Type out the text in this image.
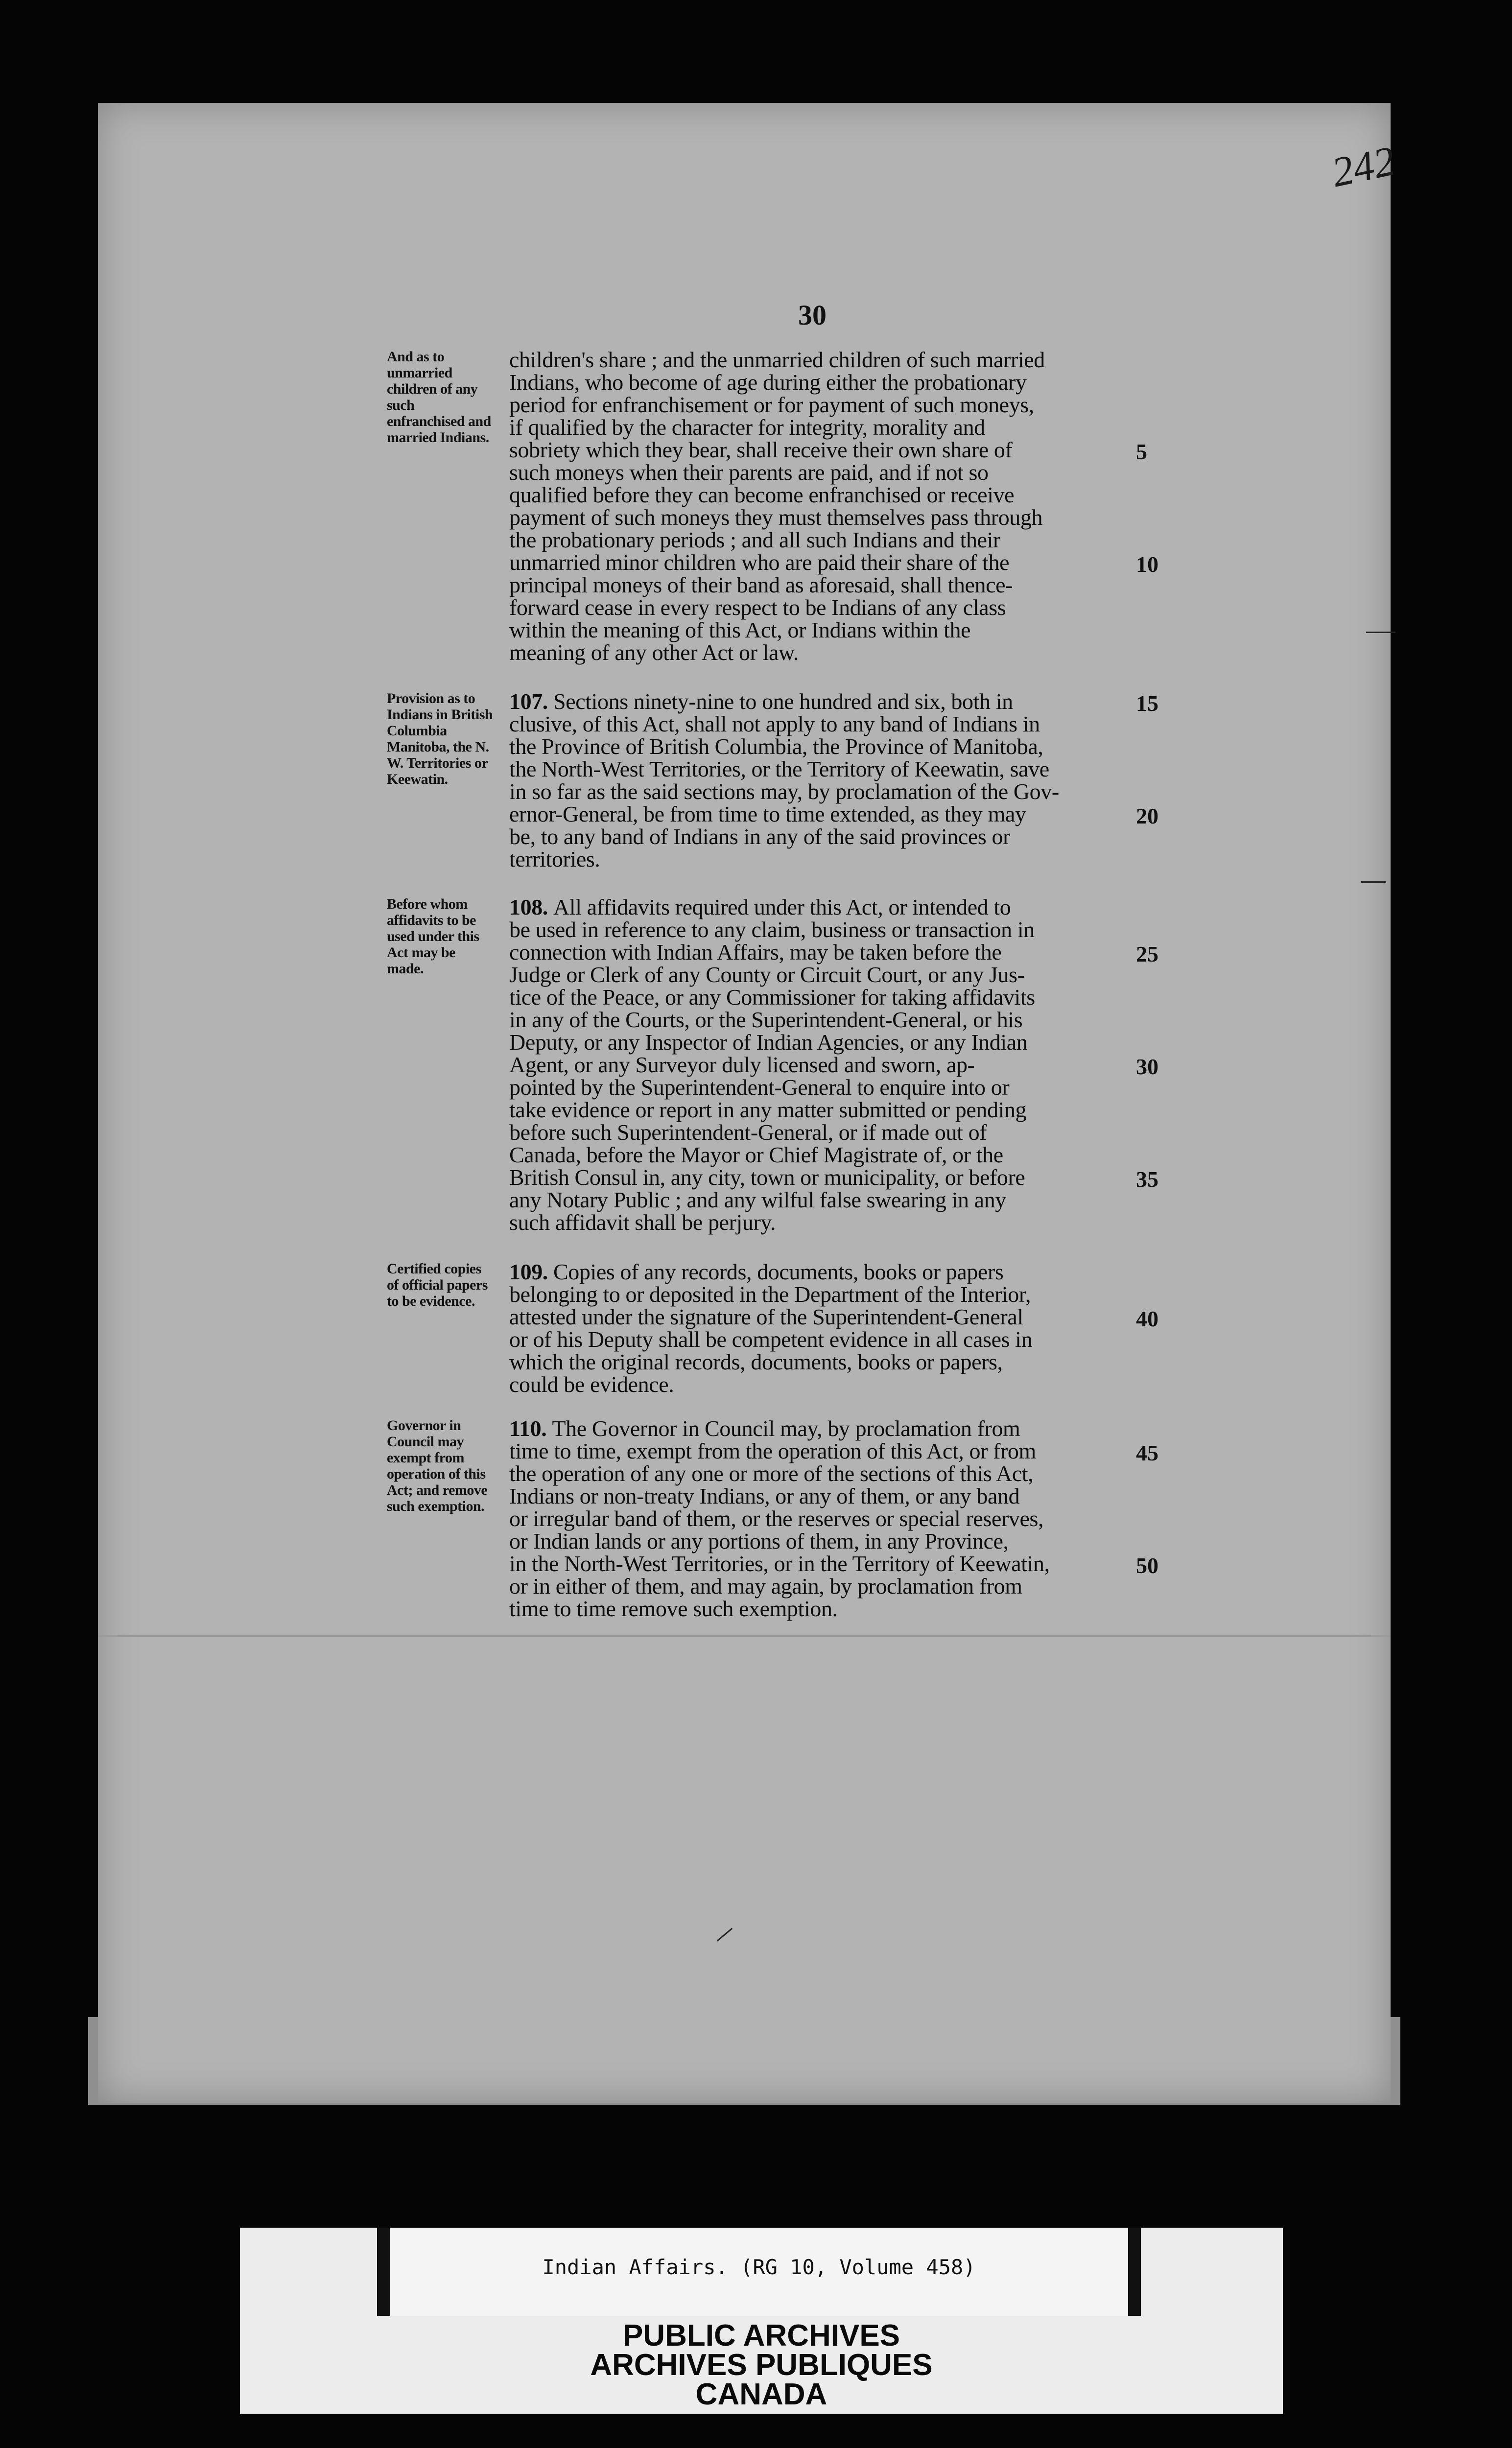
242
30
And as to unmarried children of any such enfranchised and married Indians.
children's share ; and the unmarried children of such married
Indians, who become of age during either the probationary
period for enfranchisement or for payment of such moneys,
if qualified by the character for integrity, morality and
sobriety which they bear, shall receive their own share of
such moneys when their parents are paid, and if not so
qualified before they can become enfranchised or receive
payment of such moneys they must themselves pass through
the probationary periods ; and all such Indians and their
unmarried minor children who are paid their share of the
principal moneys of their band as aforesaid, shall thence-
forward cease in every respect to be Indians of any class
within the meaning of this Act, or Indians within the
meaning of any other Act or law.
5
10
Provision as to Indians in British Columbia Manitoba, the N. W. Territories or Keewatin.
107. Sections ninety-nine to one hundred and six, both in
clusive, of this Act, shall not apply to any band of Indians in
the Province of British Columbia, the Province of Manitoba,
the North-West Territories, or the Territory of Keewatin, save
in so far as the said sections may, by proclamation of the Gov-
ernor-General, be from time to time extended, as they may
be, to any band of Indians in any of the said provinces or
territories.
15
20
Before whom affidavits to be used under this Act may be made.
108. All affidavits required under this Act, or intended to
be used in reference to any claim, business or transaction in
connection with Indian Affairs, may be taken before the
Judge or Clerk of any County or Circuit Court, or any Jus-
tice of the Peace, or any Commissioner for taking affidavits
in any of the Courts, or the Superintendent-General, or his
Deputy, or any Inspector of Indian Agencies, or any Indian
Agent, or any Surveyor duly licensed and sworn, ap-
pointed by the Superintendent-General to enquire into or
take evidence or report in any matter submitted or pending
before such Superintendent-General, or if made out of
Canada, before the Mayor or Chief Magistrate of, or the
British Consul in, any city, town or municipality, or before
any Notary Public ; and any wilful false swearing in any
such affidavit shall be perjury.
25
30
35
Certified copies of official papers to be evidence.
109. Copies of any records, documents, books or papers
belonging to or deposited in the Department of the Interior,
attested under the signature of the Superintendent-General
or of his Deputy shall be competent evidence in all cases in
which the original records, documents, books or papers,
could be evidence.
40
Governor in Council may exempt from operation of this Act; and remove such exemption.
110. The Governor in Council may, by proclamation from
time to time, exempt from the operation of this Act, or from
the operation of any one or more of the sections of this Act,
Indians or non-treaty Indians, or any of them, or any band
or irregular band of them, or the reserves or special reserves,
or Indian lands or any portions of them, in any Province,
in the North-West Territories, or in the Territory of Keewatin,
or in either of them, and may again, by proclamation from
time to time remove such exemption.
45
50
Indian Affairs. (RG 10, Volume 458)
PUBLIC ARCHIVES
ARCHIVES PUBLIQUES
CANADA
